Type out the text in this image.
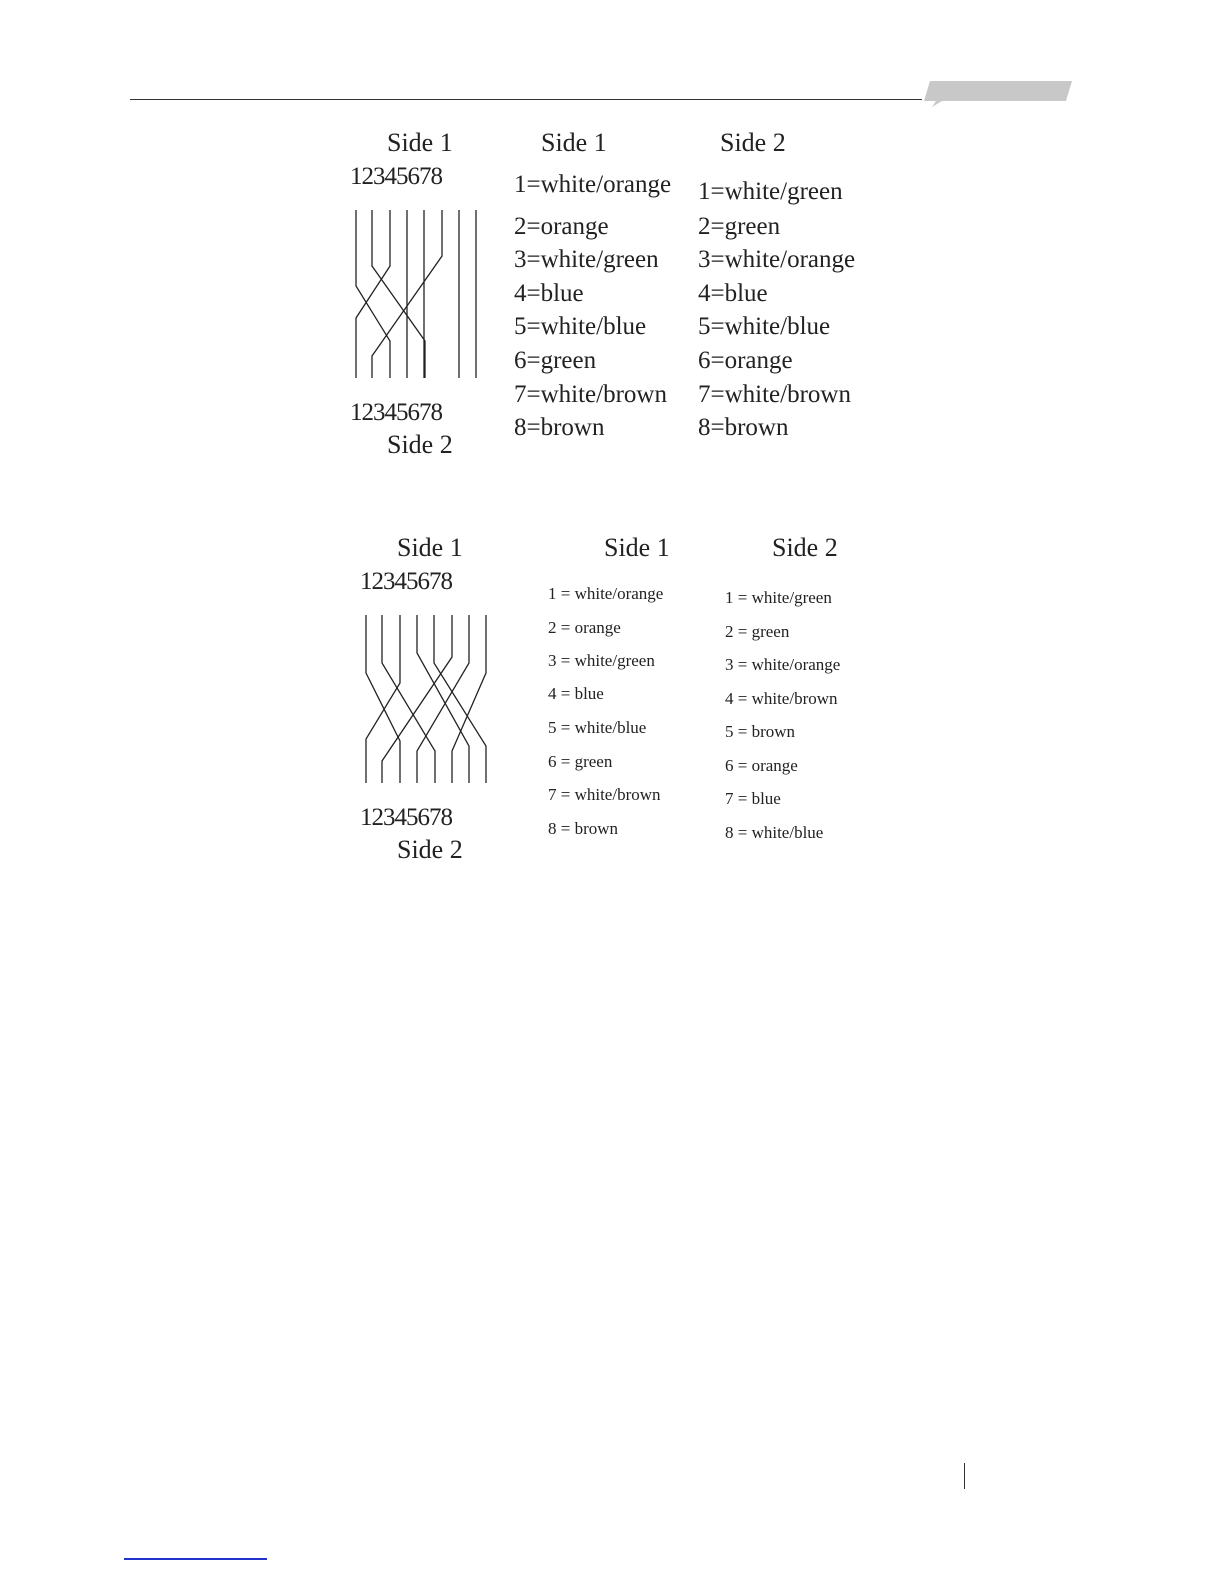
Side 1
12345678
12345678
Side 2
Side 1	Side 2
1=white/orange
2=orange
3=white/green
4=blue
5=white/blue
6=green
7=white/brown
8=brown
1=white/green
2=green
3=white/orange
4=blue
5=white/blue
6=orange
7=white/brown
8=brown
Side 1
12345678
12345678
Side 2
Side 1	Side 2
1 = white/orange
2 = orange
3 = white/green
4 = blue
5 = white/blue
6 = green
7 = white/brown
8 = brown
1 = white/green
2 = green
3 = white/orange
4 = white/brown
5 = brown
6 = orange
7 = blue
8 = white/blue
